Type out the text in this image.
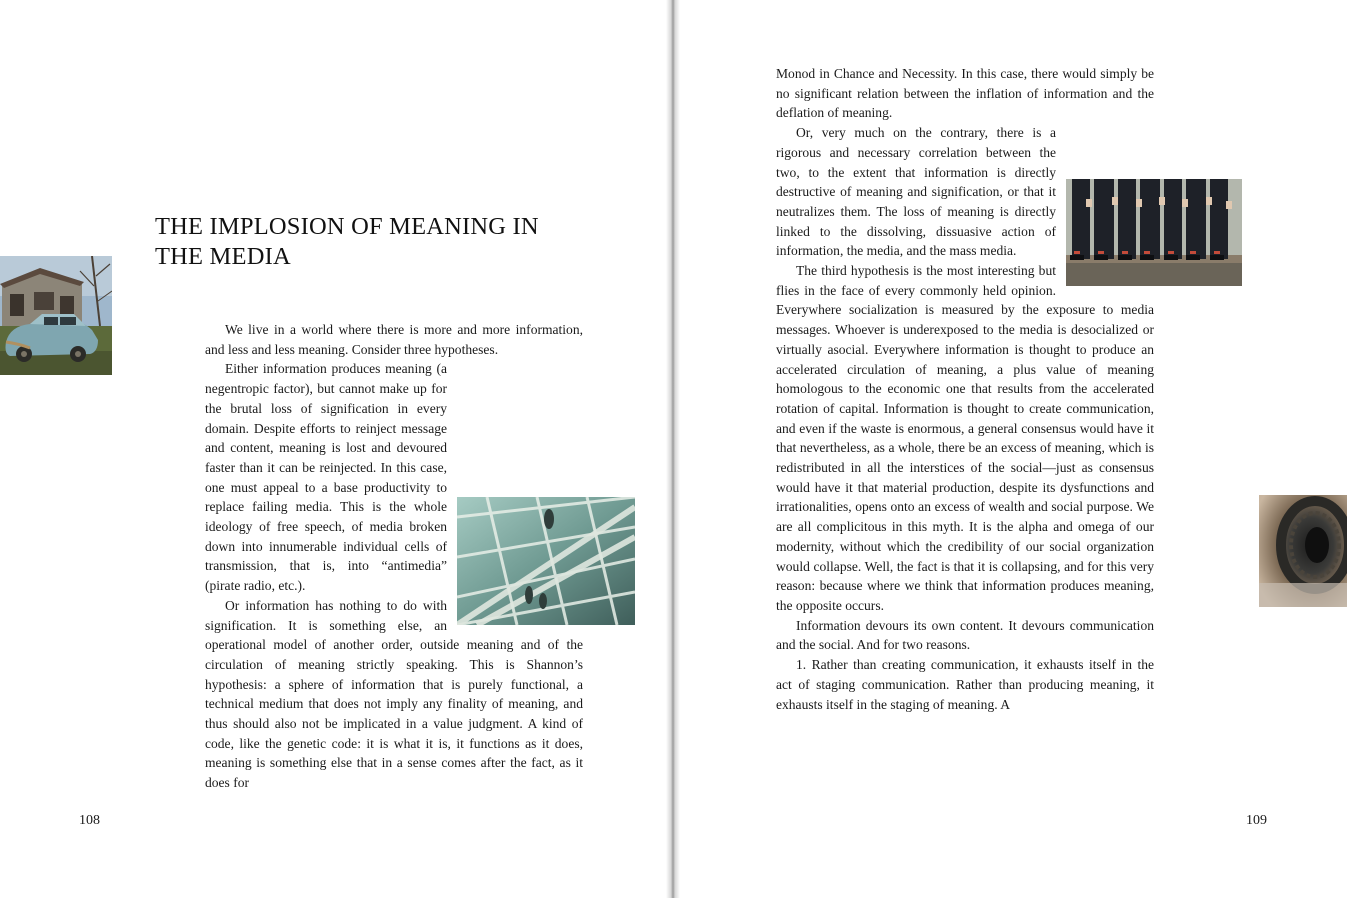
THE IMPLOSION OF MEANING IN
THE MEDIA

We live in a world where there is more and more information, and less and less meaning. Consider three hypotheses.

Either information produces meaning (a negentropic factor), but cannot make up for the brutal loss of signification in every domain. Despite efforts to reinject message and content, meaning is lost and devoured faster than it can be reinjected. In this case, one must appeal to a base productivity to replace failing media. This is the whole ideology of free speech, of media broken down into innumerable individual cells of transmission, that is, into “antimedia” (pirate radio, etc.).

Or information has nothing to do with signification. It is something else, an operational model of another order, outside meaning and of the circulation of meaning strictly speaking. This is Shannon’s hypothesis: a sphere of information that is purely functional, a technical medium that does not imply any finality of meaning, and thus should also not be implicated in a value judgment. A kind of code, like the genetic code: it is what it is, it functions as it does, meaning is something else that in a sense comes after the fact, as it does for

108

Monod in Chance and Necessity. In this case, there would simply be no significant relation between the inflation of information and the deflation of meaning.

Or, very much on the contrary, there is a rigorous and necessary correlation between the two, to the extent that information is directly destructive of meaning and signification, or that it neutralizes them. The loss of meaning is directly linked to the dissolving, dissuasive action of information, the media, and the mass media.

The third hypothesis is the most interesting but flies in the face of every commonly held opinion. Everywhere socialization is measured by the exposure to media messages. Whoever is underexposed to the media is desocialized or virtually asocial. Everywhere information is thought to produce an accelerated circulation of meaning, a plus value of meaning homologous to the economic one that results from the accelerated rotation of capital. Information is thought to create communication, and even if the waste is enormous, a general consensus would have it that nevertheless, as a whole, there be an excess of meaning, which is redistributed in all the interstices of the social—just as consensus would have it that material production, despite its dysfunctions and irrationalities, opens onto an excess of wealth and social purpose. We are all complicitous in this myth. It is the alpha and omega of our modernity, without which the credibility of our social organization would collapse. Well, the fact is that it is collapsing, and for this very reason: because where we think that information produces meaning, the opposite occurs.

Information devours its own content. It devours communication and the social. And for two reasons.

1. Rather than creating communication, it exhausts itself in the act of staging communication. Rather than producing meaning, it exhausts itself in the staging of meaning. A

109
